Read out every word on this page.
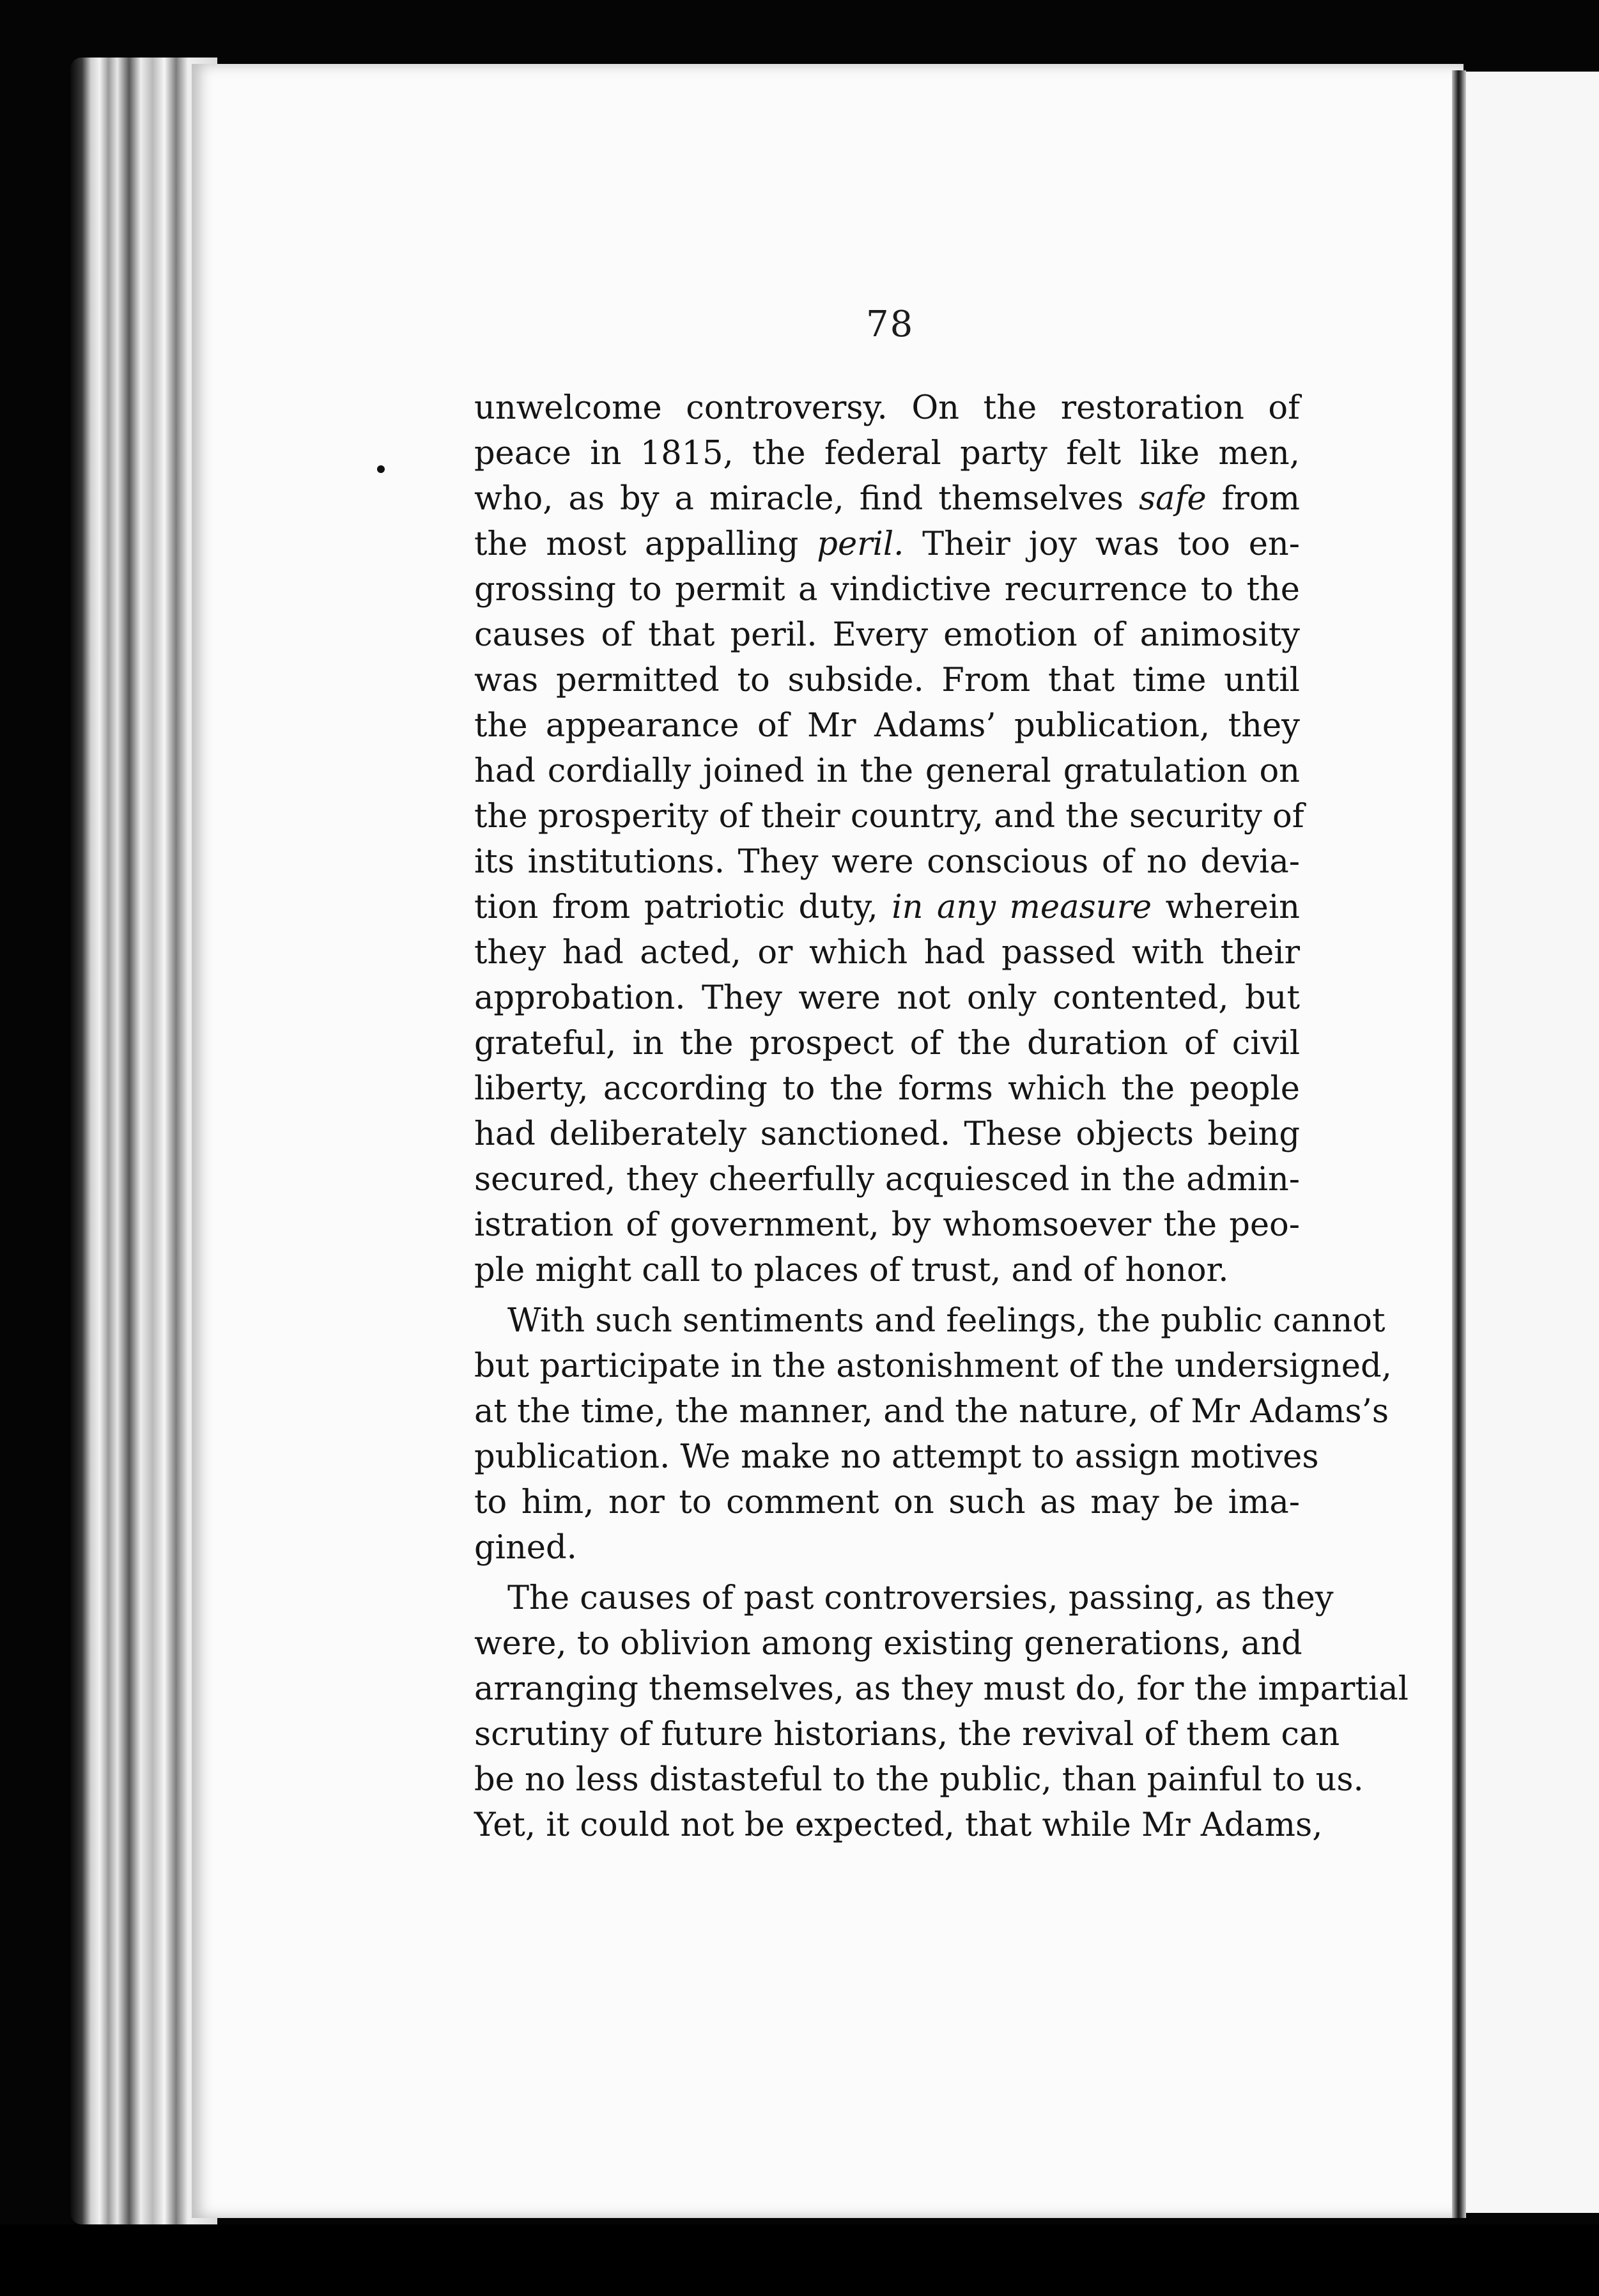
78

unwelcome controversy. On the restoration of
peace in 1815, the federal party felt like men,
who, as by a miracle, find themselves safe from
the most appalling peril. Their joy was too en-
grossing to permit a vindictive recurrence to the
causes of that peril. Every emotion of animosity
was permitted to subside. From that time until
the appearance of Mr Adams’ publication, they
had cordially joined in the general gratulation on
the prosperity of their country, and the security of
its institutions. They were conscious of no devia-
tion from patriotic duty, in any measure wherein
they had acted, or which had passed with their
approbation. They were not only contented, but
grateful, in the prospect of the duration of civil
liberty, according to the forms which the people
had deliberately sanctioned. These objects being
secured, they cheerfully acquiesced in the admin-
istration of government, by whomsoever the peo-
ple might call to places of trust, and of honor.
With such sentiments and feelings, the public cannot
but participate in the astonishment of the undersigned,
at the time, the manner, and the nature, of Mr Adams’s
publication. We make no attempt to assign motives
to him, nor to comment on such as may be ima-
gined.
The causes of past controversies, passing, as they
were, to oblivion among existing generations, and
arranging themselves, as they must do, for the impartial
scrutiny of future historians, the revival of them can
be no less distasteful to the public, than painful to us.
Yet, it could not be expected, that while Mr Adams,
